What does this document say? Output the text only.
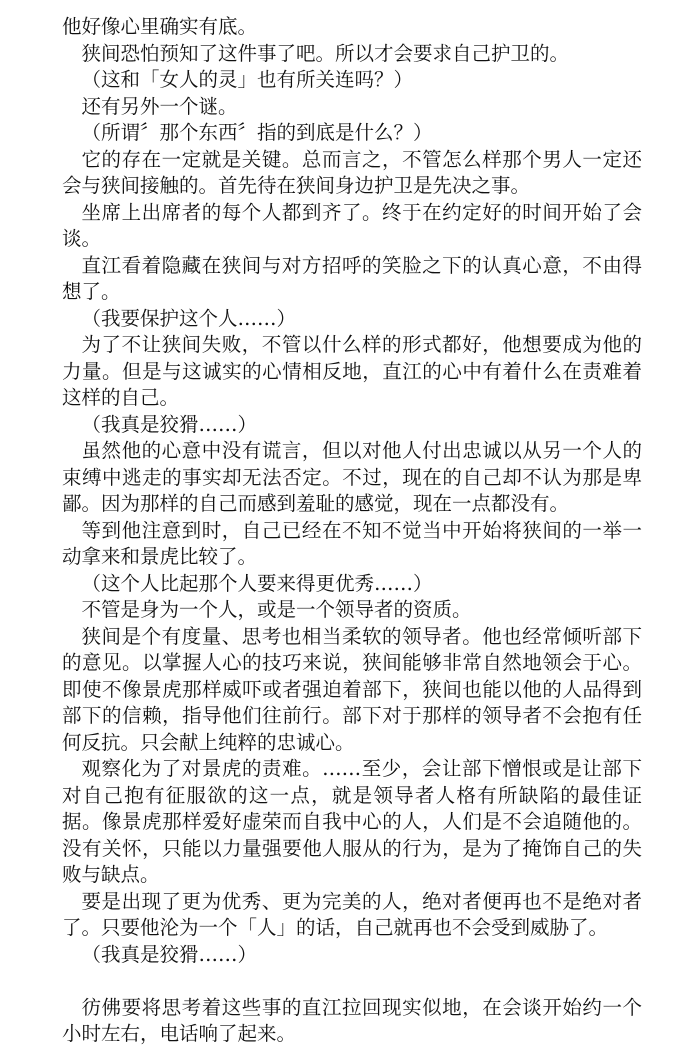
他好像心里确实有底。

狭间恐怕预知了这件事了吧。所以才会要求自己护卫的。

（这和「女人的灵」也有所关连吗？）

还有另外一个谜。

（所谓〞那个东西〞指的到底是什么？）

它的存在一定就是关键。总而言之，不管怎么样那个男人一定还会与狭间接触的。首先待在狭间身边护卫是先决之事。

坐席上出席者的每个人都到齐了。终于在约定好的时间开始了会谈。

直江看着隐藏在狭间与对方招呼的笑脸之下的认真心意，不由得想了。

（我要保护这个人……）

为了不让狭间失败，不管以什么样的形式都好，他想要成为他的力量。但是与这诚实的心情相反地，直江的心中有着什么在责难着这样的自己。

（我真是狡猾……）

虽然他的心意中没有谎言，但以对他人付出忠诚以从另一个人的束缚中逃走的事实却无法否定。不过，现在的自己却不认为那是卑鄙。因为那样的自己而感到羞耻的感觉，现在一点都没有。

等到他注意到时，自己已经在不知不觉当中开始将狭间的一举一动拿来和景虎比较了。

（这个人比起那个人要来得更优秀……）

不管是身为一个人，或是一个领导者的资质。

狭间是个有度量、思考也相当柔软的领导者。他也经常倾听部下的意见。以掌握人心的技巧来说，狭间能够非常自然地领会于心。即使不像景虎那样威吓或者强迫着部下，狭间也能以他的人品得到部下的信赖，指导他们往前行。部下对于那样的领导者不会抱有任何反抗。只会献上纯粹的忠诚心。

观察化为了对景虎的责难。……至少，会让部下憎恨或是让部下对自己抱有征服欲的这一点，就是领导者人格有所缺陷的最佳证据。像景虎那样爱好虚荣而自我中心的人，人们是不会追随他的。没有关怀，只能以力量强要他人服从的行为，是为了掩饰自己的失败与缺点。

要是出现了更为优秀、更为完美的人，绝对者便再也不是绝对者了。只要他沦为一个「人」的话，自己就再也不会受到威胁了。

（我真是狡猾……）

彷佛要将思考着这些事的直江拉回现实似地，在会谈开始约一个小时左右，电话响了起来。
